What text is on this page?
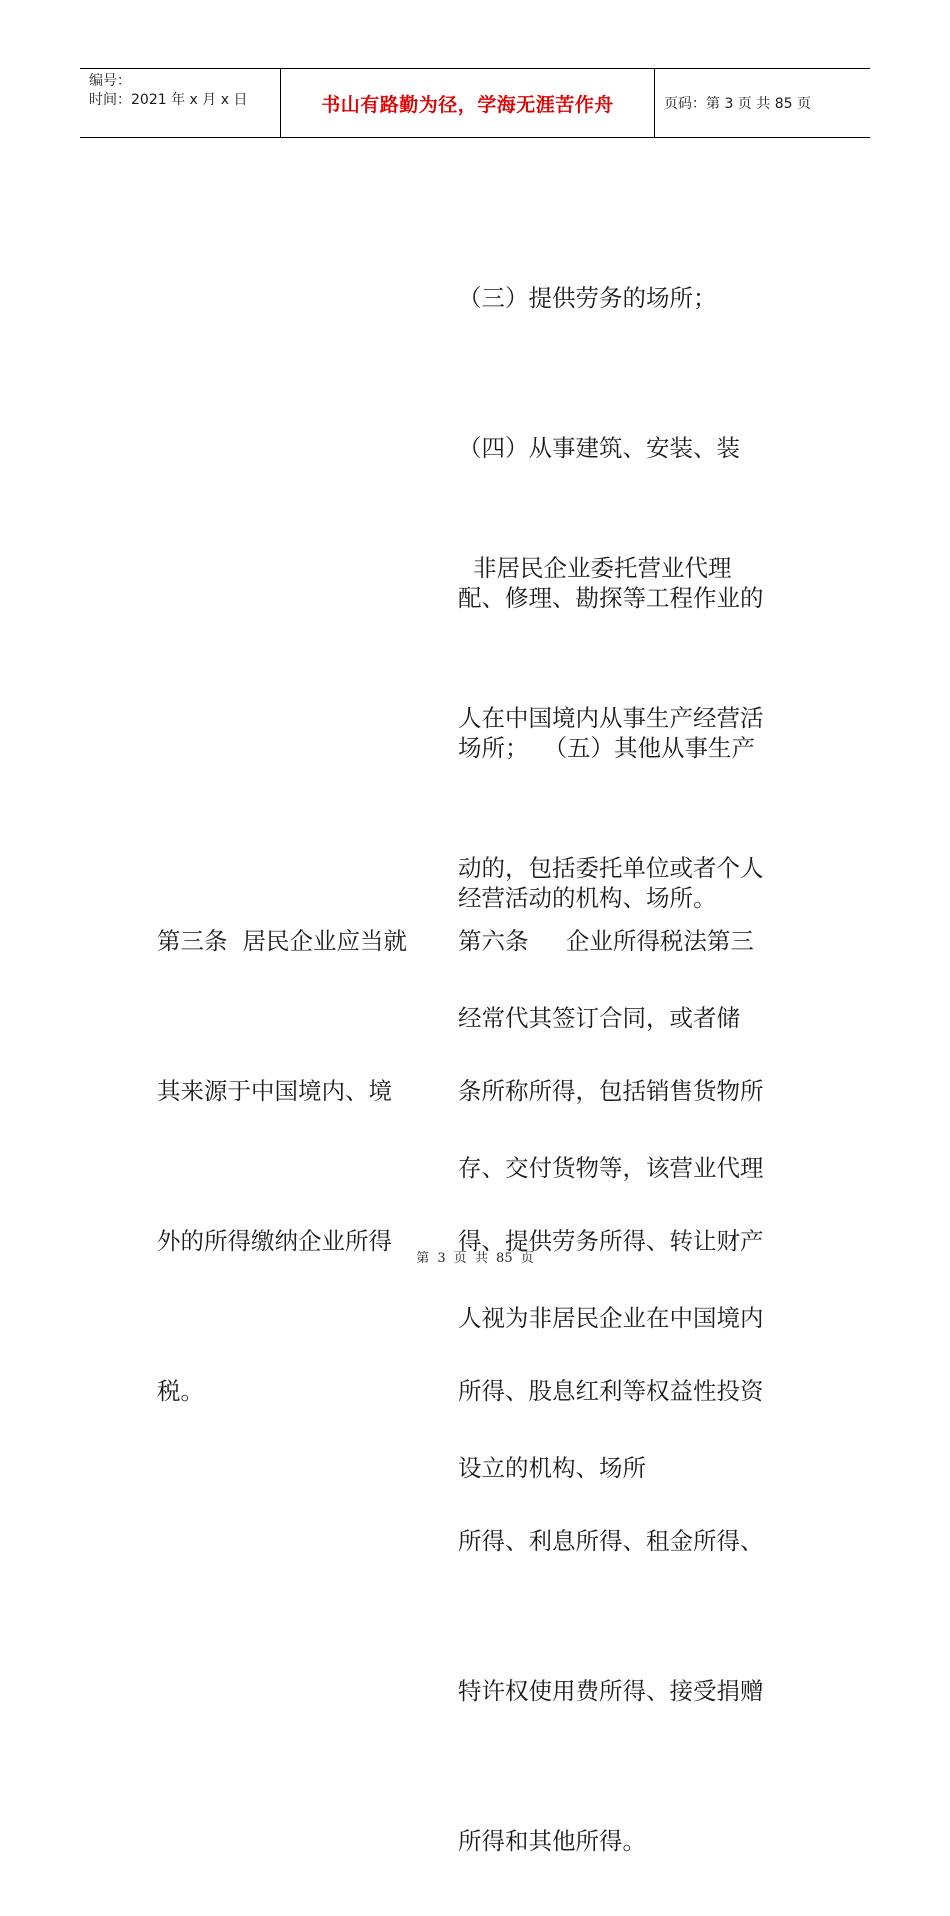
编号：
时间：2021 年 x 月 x 日	书山有路勤为径，学海无涯苦作舟	页码：第 3 页 共 85 页

（三）提供劳务的场所；

（四）从事建筑、安装、装

配、修理、勘探等工程作业的

场所；  （五）其他从事生产

经营活动的机构、场所。

非居民企业委托营业代理

人在中国境内从事生产经营活

动的，包括委托单位或者个人

经常代其签订合同，或者储

存、交付货物等，该营业代理

人视为非居民企业在中国境内

设立的机构、场所

第三条  居民企业应当就

其来源于中国境内、境

外的所得缴纳企业所得

税。

第六条     企业所得税法第三

条所称所得，包括销售货物所

得、提供劳务所得、转让财产

所得、股息红利等权益性投资

所得、利息所得、租金所得、

特许权使用费所得、接受捐赠

所得和其他所得。

第 3 页 共 85 页
